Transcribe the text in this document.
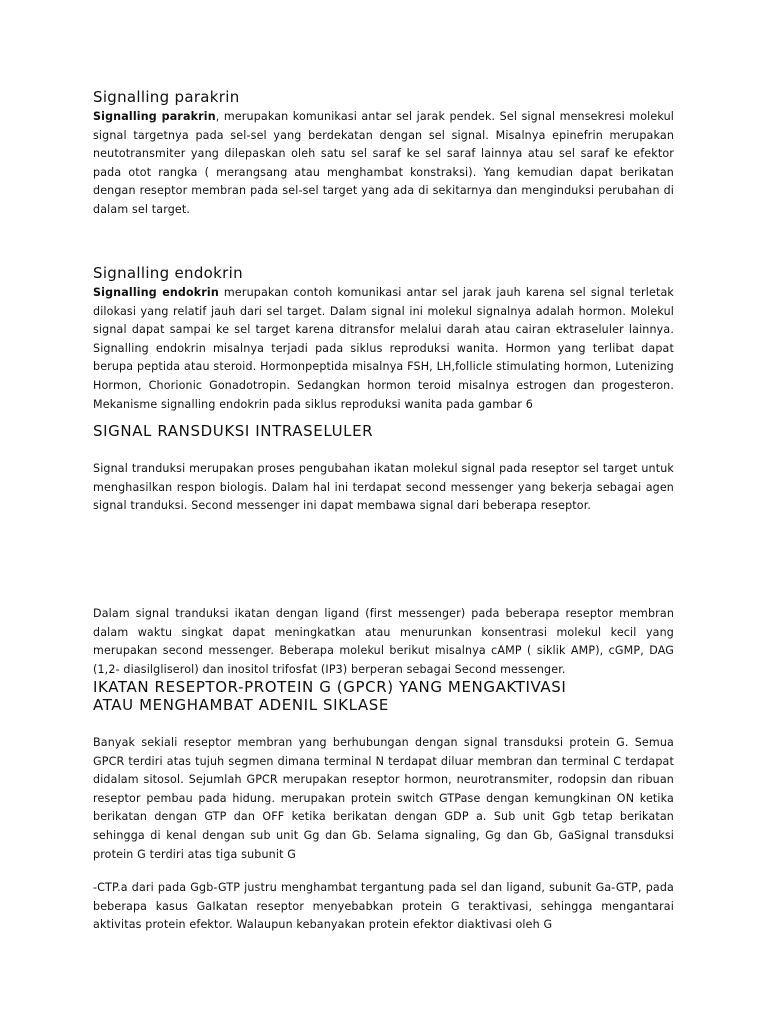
Signalling parakrin

Signalling parakrin, merupakan komunikasi antar sel jarak pendek. Sel signal mensekresi molekul signal targetnya pada sel-sel yang berdekatan dengan sel signal. Misalnya epinefrin merupakan neutotransmiter yang dilepaskan oleh satu sel saraf ke sel saraf lainnya atau sel saraf ke efektor pada otot rangka ( merangsang atau menghambat konstraksi). Yang kemudian dapat berikatan dengan reseptor membran pada sel-sel target yang ada di sekitarnya dan menginduksi perubahan di dalam sel target.

Signalling endokrin

Signalling endokrin merupakan contoh komunikasi antar sel jarak jauh karena sel signal terletak dilokasi yang relatif jauh dari sel target. Dalam signal ini molekul signalnya adalah hormon. Molekul signal dapat sampai ke sel target karena ditransfor melalui darah atau cairan ektraseluler lainnya. Signalling endokrin misalnya terjadi pada siklus reproduksi wanita. Hormon yang terlibat dapat berupa peptida atau steroid. Hormonpeptida misalnya FSH, LH,follicle stimulating hormon, Lutenizing Hormon, Chorionic Gonadotropin. Sedangkan hormon teroid misalnya estrogen dan progesteron. Mekanisme signalling endokrin pada siklus reproduksi wanita pada gambar 6

SIGNAL RANSDUKSI INTRASELULER

Signal tranduksi merupakan proses pengubahan ikatan molekul signal pada reseptor sel target untuk menghasilkan respon biologis. Dalam hal ini terdapat second messenger yang bekerja sebagai agen signal tranduksi. Second messenger ini dapat membawa signal dari beberapa reseptor.

Dalam signal tranduksi ikatan dengan ligand (first messenger) pada beberapa reseptor membran dalam waktu singkat dapat meningkatkan atau menurunkan konsentrasi molekul kecil yang merupakan second messenger. Beberapa molekul berikut misalnya cAMP ( siklik AMP), cGMP, DAG (1,2- diasilgliserol) dan inositol trifosfat (IP3) berperan sebagai Second messenger.

IKATAN RESEPTOR-PROTEIN G (GPCR) YANG MENGAKTIVASI
ATAU MENGHAMBAT ADENIL SIKLASE

Banyak sekiali reseptor membran yang berhubungan dengan signal transduksi protein G. Semua GPCR terdiri atas tujuh segmen dimana terminal N terdapat diluar membran dan terminal C terdapat didalam sitosol. Sejumlah GPCR merupakan reseptor hormon, neurotransmiter, rodopsin dan ribuan reseptor pembau pada hidung. merupakan protein switch GTPase dengan kemungkinan ON ketika berikatan dengan GTP dan OFF ketika berikatan dengan GDP a. Sub unit Ggb tetap berikatan sehingga di kenal dengan sub unit Gg dan Gb. Selama signaling, Gg dan Gb, GaSignal transduksi protein G terdiri atas tiga subunit G

-CTP.a dari pada Ggb-GTP justru menghambat tergantung pada sel dan ligand, subunit Ga-GTP, pada beberapa kasus GaIkatan reseptor menyebabkan protein G teraktivasi, sehingga mengantarai aktivitas protein efektor. Walaupun kebanyakan protein efektor diaktivasi oleh G
